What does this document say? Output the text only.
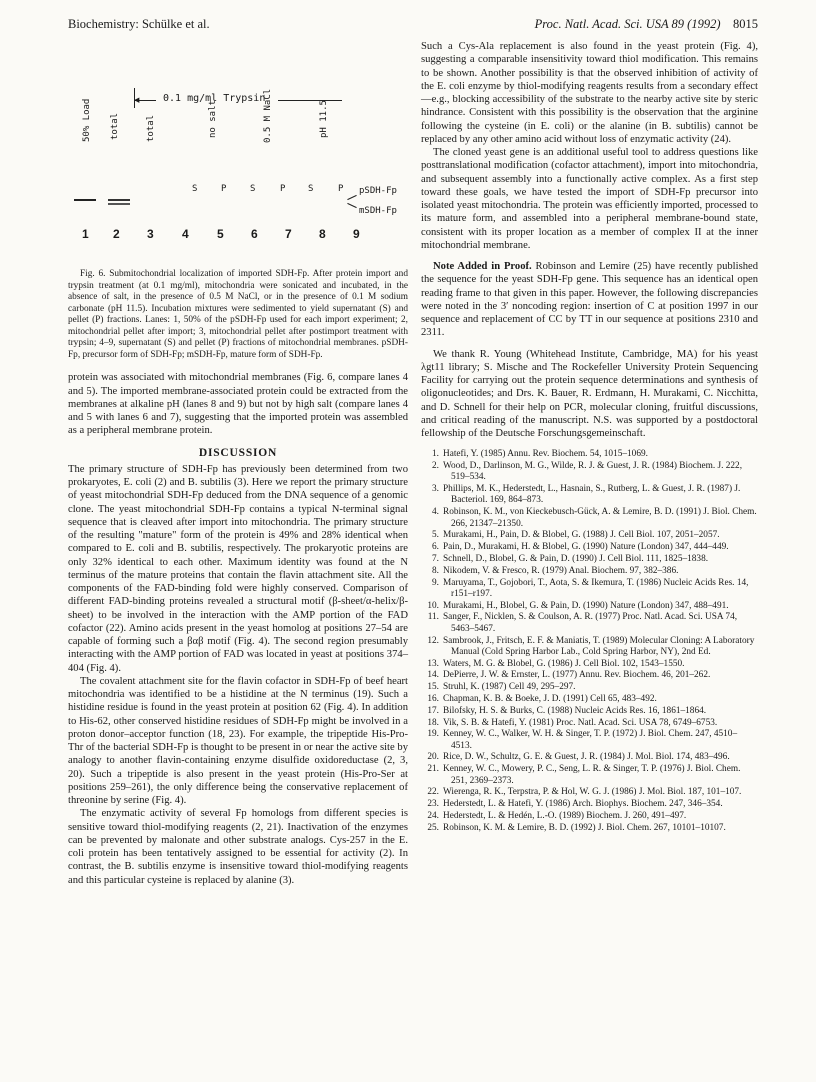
Biochemistry: Schülke et al.	Proc. Natl. Acad. Sci. USA 89 (1992) 8015
◀ 0.1 mg/ml Trypsin
50% Load total	total	no salt	0.5 M NaCl	pH 11.5
S	P	S	P	S	P pSDH-Fp
mSDH-Fp
1 2 3 4 5 6 7 8 9

Fig. 6. Submitochondrial localization of imported SDH-Fp. After protein import and trypsin treatment (at 0.1 mg/ml), mitochondria were sonicated and incubated, in the absence of salt, in the presence of 0.5 M NaCl, or in the presence of 0.1 M sodium carbonate (pH 11.5). Incubation mixtures were sedimented to yield supernatant (S) and pellet (P) fractions. Lanes: 1, 50% of the pSDH-Fp used for each import experiment; 2, mitochondrial pellet after import; 3, mitochondrial pellet after postimport treatment with trypsin; 4–9, supernatant (S) and pellet (P) fractions of mitochondrial membranes. pSDH-Fp, precursor form of SDH-Fp; mSDH-Fp, mature form of SDH-Fp.

protein was associated with mitochondrial membranes (Fig. 6, compare lanes 4 and 5). The imported membrane-associated protein could be extracted from the membranes at alkaline pH (lanes 8 and 9) but not by high salt (compare lanes 4 and 5 with lanes 6 and 7), suggesting that the imported protein was assembled as a peripheral membrane protein.

DISCUSSION

The primary structure of SDH-Fp has previously been determined from two prokaryotes, E. coli (2) and B. subtilis (3). Here we report the primary structure of yeast mitochondrial SDH-Fp deduced from the DNA sequence of a genomic clone. The yeast mitochondrial SDH-Fp contains a typical N-terminal signal sequence that is cleaved after import into mitochondria. The primary structure of the resulting "mature" form of the protein is 49% and 28% identical when compared to E. coli and B. subtilis, respectively. The prokaryotic proteins are only 32% identical to each other. Maximum identity was found at the N terminus of the mature proteins that contain the flavin attachment site. All the components of the FAD-binding fold were highly conserved. Comparison of different FAD-binding proteins revealed a structural motif (β-sheet/α-helix/β-sheet) to be involved in the interaction with the AMP portion of the FAD cofactor (22). Amino acids present in the yeast homolog at positions 27–54 are capable of forming such a βαβ motif (Fig. 4). The second region presumably interacting with the AMP portion of FAD was located in yeast at positions 374–404 (Fig. 4).

The covalent attachment site for the flavin cofactor in SDH-Fp of beef heart mitochondria was identified to be a histidine at the N terminus (19). Such a histidine residue is found in the yeast protein at position 62 (Fig. 4). In addition to His-62, other conserved histidine residues of SDH-Fp might be involved in a proton donor–acceptor function (18, 23). For example, the tripeptide His-Pro-Thr of the bacterial SDH-Fp is thought to be present in or near the active site by analogy to another flavin-containing enzyme disulfide oxidoreductase (2, 3, 20). Such a tripeptide is also present in the yeast protein (His-Pro-Ser at positions 259–261), the only difference being the conservative replacement of threonine by serine (Fig. 4).

The enzymatic activity of several Fp homologs from different species is sensitive toward thiol-modifying reagents (2, 21). Inactivation of the enzymes can be prevented by malonate and other substrate analogs. Cys-257 in the E. coli protein has been tentatively assigned to be essential for activity (2). In contrast, the B. subtilis enzyme is insensitive toward thiol-modifying reagents and this particular cysteine is replaced by alanine (3).

Such a Cys-Ala replacement is also found in the yeast protein (Fig. 4), suggesting a comparable insensitivity toward thiol modification. This remains to be shown. Another possibility is that the observed inhibition of activity of the E. coli enzyme by thiol-modifying reagents results from a secondary effect—e.g., blocking accessibility of the substrate to the nearby active site by steric hindrance. Consistent with this possibility is the observation that the arginine following the cysteine (in E. coli) or the alanine (in B. subtilis) cannot be replaced by any other amino acid without loss of enzymatic activity (24).

The cloned yeast gene is an additional useful tool to address questions like posttranslational modification (cofactor attachment), import into mitochondria, and subsequent assembly into a functionally active complex. As a first step toward these goals, we have tested the import of SDH-Fp precursor into isolated yeast mitochondria. The protein was efficiently imported, processed to its mature form, and assembled into a peripheral membrane-bound state, consistent with its proper location as a member of complex II at the inner mitochondrial membrane.

Note Added in Proof. Robinson and Lemire (25) have recently published the sequence for the yeast SDH-Fp gene. This sequence has an identical open reading frame to that given in this paper. However, the following discrepancies were noted in the 3′ noncoding region: insertion of C at position 1997 in our sequence and replacement of CC by TT in our sequence at positions 2310 and 2311.

We thank R. Young (Whitehead Institute, Cambridge, MA) for his yeast λgt11 library; S. Mische and The Rockefeller University Protein Sequencing Facility for carrying out the protein sequence determinations and synthesis of oligonucleotides; and Drs. K. Bauer, R. Erdmann, H. Murakami, C. Nicchitta, and D. Schnell for their help on PCR, molecular cloning, fruitful discussions, and critical reading of the manuscript. N.S. was supported by a postdoctoral fellowship of the Deutsche Forschungsgemeinschaft.

1. Hatefi, Y. (1985) Annu. Rev. Biochem. 54, 1015–1069.
2. Wood, D., Darlinson, M. G., Wilde, R. J. & Guest, J. R. (1984) Biochem. J. 222, 519–534.
3. Phillips, M. K., Hederstedt, L., Hasnain, S., Rutberg, L. & Guest, J. R. (1987) J. Bacteriol. 169, 864–873.
4. Robinson, K. M., von Kieckebusch-Gück, A. & Lemire, B. D. (1991) J. Biol. Chem. 266, 21347–21350.
5. Murakami, H., Pain, D. & Blobel, G. (1988) J. Cell Biol. 107, 2051–2057.
6. Pain, D., Murakami, H. & Blobel, G. (1990) Nature (London) 347, 444–449.
7. Schnell, D., Blobel, G. & Pain, D. (1990) J. Cell Biol. 111, 1825–1838.
8. Nikodem, V. & Fresco, R. (1979) Anal. Biochem. 97, 382–386.
9. Maruyama, T., Gojobori, T., Aota, S. & Ikemura, T. (1986) Nucleic Acids Res. 14, r151–r197.
10. Murakami, H., Blobel, G. & Pain, D. (1990) Nature (London) 347, 488–491.
11. Sanger, F., Nicklen, S. & Coulson, A. R. (1977) Proc. Natl. Acad. Sci. USA 74, 5463–5467.
12. Sambrook, J., Fritsch, E. F. & Maniatis, T. (1989) Molecular Cloning: A Laboratory Manual (Cold Spring Harbor Lab., Cold Spring Harbor, NY), 2nd Ed.
13. Waters, M. G. & Blobel, G. (1986) J. Cell Biol. 102, 1543–1550.
14. DePierre, J. W. & Ernster, L. (1977) Annu. Rev. Biochem. 46, 201–262.
15. Struhl, K. (1987) Cell 49, 295–297.
16. Chapman, K. B. & Boeke, J. D. (1991) Cell 65, 483–492.
17. Bilofsky, H. S. & Burks, C. (1988) Nucleic Acids Res. 16, 1861–1864.
18. Vik, S. B. & Hatefi, Y. (1981) Proc. Natl. Acad. Sci. USA 78, 6749–6753.
19. Kenney, W. C., Walker, W. H. & Singer, T. P. (1972) J. Biol. Chem. 247, 4510–4513.
20. Rice, D. W., Schultz, G. E. & Guest, J. R. (1984) J. Mol. Biol. 174, 483–496.
21. Kenney, W. C., Mowery, P. C., Seng, L. R. & Singer, T. P. (1976) J. Biol. Chem. 251, 2369–2373.
22. Wierenga, R. K., Terpstra, P. & Hol, W. G. J. (1986) J. Mol. Biol. 187, 101–107.
23. Hederstedt, L. & Hatefi, Y. (1986) Arch. Biophys. Biochem. 247, 346–354.
24. Hederstedt, L. & Hedén, L.-O. (1989) Biochem. J. 260, 491–497.
25. Robinson, K. M. & Lemire, B. D. (1992) J. Biol. Chem. 267, 10101–10107.
